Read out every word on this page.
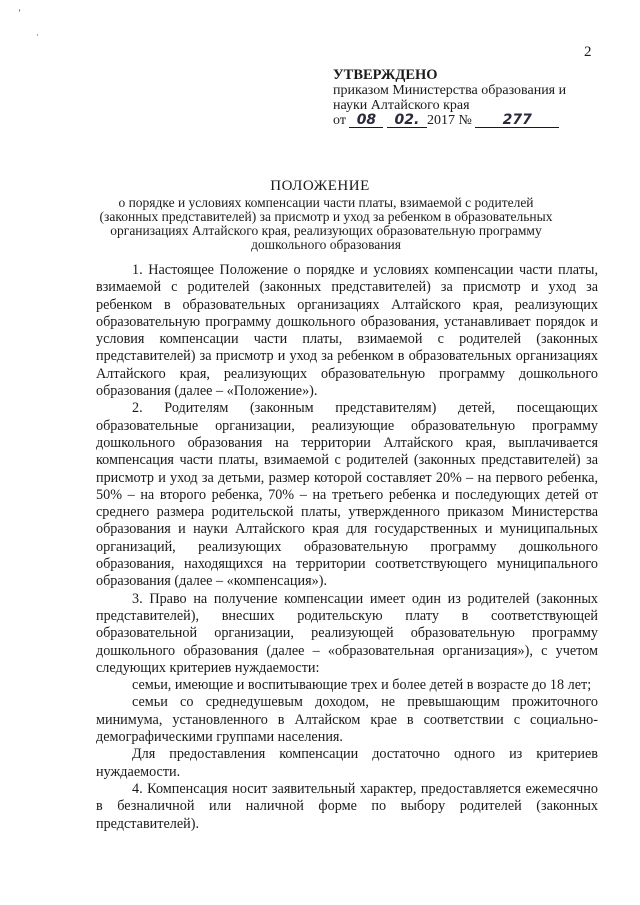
ʼ
·
2
УТВЕРЖДЕНО
приказом Министерства образования и
науки Алтайского края
от 08 02. 2017 № 277
ПОЛОЖЕНИЕ
о порядке и условиях компенсации части платы, взимаемой с родителей (законных представителей) за присмотр и уход за ребенком в образовательных организациях Алтайского края, реализующих образовательную программу дошкольного образования

1. Настоящее Положение о порядке и условиях компенсации части платы, взимаемой с родителей (законных представителей) за присмотр и уход за ребенком в образовательных организациях Алтайского края, реализующих образовательную программу дошкольного образования, устанавливает порядок и условия компенсации части платы, взимаемой с родителей (законных представителей) за присмотр и уход за ребенком в образовательных организациях Алтайского края, реализующих образовательную программу дошкольного образования (далее – «Положение»).

2. Родителям (законным представителям) детей, посещающих образовательные организации, реализующие образовательную программу дошкольного образования на территории Алтайского края, выплачивается компенсация части платы, взимаемой с родителей (законных представителей) за присмотр и уход за детьми, размер которой составляет 20% – на первого ребенка, 50% – на второго ребенка, 70% – на третьего ребенка и последующих детей от среднего размера родительской платы, утвержденного приказом Министерства образования и науки Алтайского края для государственных и муниципальных организаций, реализующих образовательную программу дошкольного образования, находящихся на территории соответствующего муниципального образования (далее – «компенсация»).

3. Право на получение компенсации имеет один из родителей (законных представителей), внесших родительскую плату в соответствующей образовательной организации, реализующей образовательную программу дошкольного образования (далее – «образовательная организация»), с учетом следующих критериев нуждаемости:

семьи, имеющие и воспитывающие трех и более детей в возрасте до 18 лет;

семьи со среднедушевым доходом, не превышающим прожиточного минимума, установленного в Алтайском крае в соответствии с социально-демографическими группами населения.

Для предоставления компенсации достаточно одного из критериев нуждаемости.

4. Компенсация носит заявительный характер, предоставляется ежемесячно в безналичной или наличной форме по выбору родителей (законных представителей).
